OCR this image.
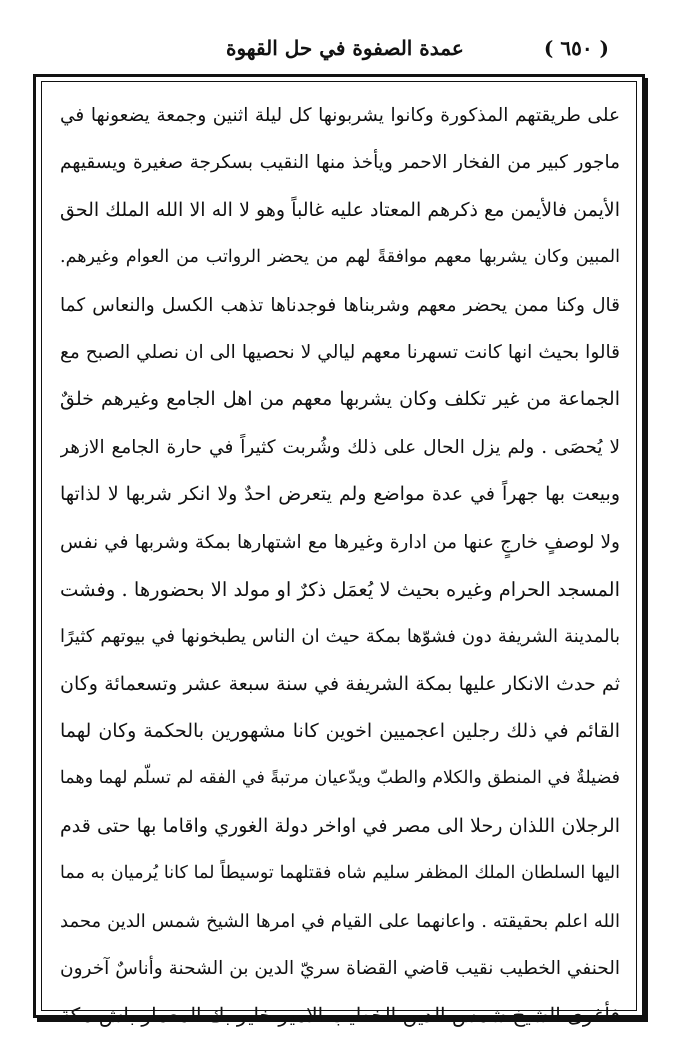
( ٦٥٠ )
عمدة الصفوة في حل القهوة
على طريقتهم المذكورة وكانوا يشربونها كل ليلة اثنين وجمعة يضعونها في
ماجور كبير من الفخار الاحمر ويأخذ منها النقيب بسكرجة صغيرة ويسقيهم
الأيمن فالأيمن مع ذكرهم المعتاد عليه غالباً وهو لا اله الا الله الملك الحق
المبين وكان يشربها معهم موافقةً لهم من يحضر الرواتب من العوام وغيرهم.
قال وكنا ممن يحضر معهم وشربناها فوجدناها تذهب الكسل والنعاس كما
قالوا بحيث انها كانت تسهرنا معهم ليالي لا نحصيها الى ان نصلي الصبح مع
الجماعة من غير تكلف وكان يشربها معهم من اهل الجامع وغيرهم خلقٌ
لا يُحصَى . ولم يزل الحال على ذلك وشُربت كثيراً في حارة الجامع الازهر
وبيعت بها جهراً في عدة مواضع ولم يتعرض احدٌ ولا انكر شربها لا لذاتها
ولا لوصفٍ خارجٍ عنها من ادارة وغيرها مع اشتهارها بمكة وشربها في نفس
المسجد الحرام وغيره بحيث لا يُعمَل ذكرٌ او مولد الا بحضورها . وفشت
بالمدينة الشريفة دون فشوّها بمكة حيث ان الناس يطبخونها في بيوتهم كثيرًا
ثم حدث الانكار عليها بمكة الشريفة في سنة سبعة عشر وتسعمائة وكان
القائم في ذلك رجلين اعجميين اخوين كانا مشهورين بالحكمة وكان لهما
فضيلةٌ في المنطق والكلام والطبّ ويدّعيان مرتبةً في الفقه لم تسلّم لهما وهما
الرجلان اللذان رحلا الى مصر في اواخر دولة الغوري واقاما بها حتى قدم
اليها السلطان الملك المظفر سليم شاه فقتلهما توسيطاً لما كانا يُرميان به مما
الله اعلم بحقيقته . واعانهما على القيام في امرها الشيخ شمس الدين محمد
الحنفي الخطيب نقيب قاضي القضاة سريّ الدين بن الشحنة وأناسٌ آخرون
فأغرى الشيخ شمس الدين الخطيب الامير خاير بك المعمار باش مكة
